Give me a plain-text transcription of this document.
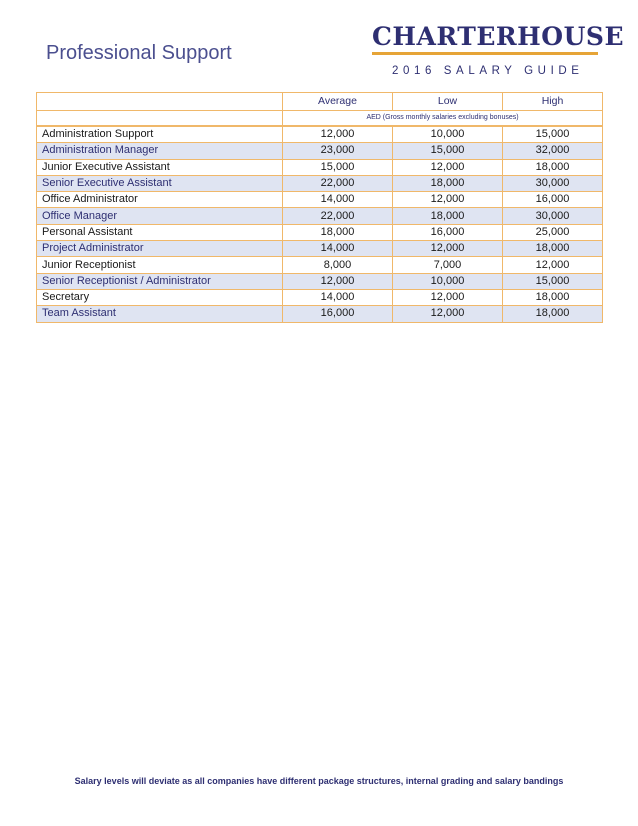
Professional Support
CHARTERHOUSE
2016 SALARY GUIDE
	Average	Low	High
	AED (Gross monthly salaries excluding bonuses)		
Administration Support	12,000	10,000	15,000
Administration Manager	23,000	15,000	32,000
Junior Executive Assistant	15,000	12,000	18,000
Senior Executive Assistant	22,000	18,000	30,000
Office Administrator	14,000	12,000	16,000
Office Manager	22,000	18,000	30,000
Personal Assistant	18,000	16,000	25,000
Project Administrator	14,000	12,000	18,000
Junior Receptionist	8,000	7,000	12,000
Senior Receptionist / Administrator	12,000	10,000	15,000
Secretary	14,000	12,000	18,000
Team Assistant	16,000	12,000	18,000
Salary levels will deviate as all companies have different package structures, internal grading and salary bandings
